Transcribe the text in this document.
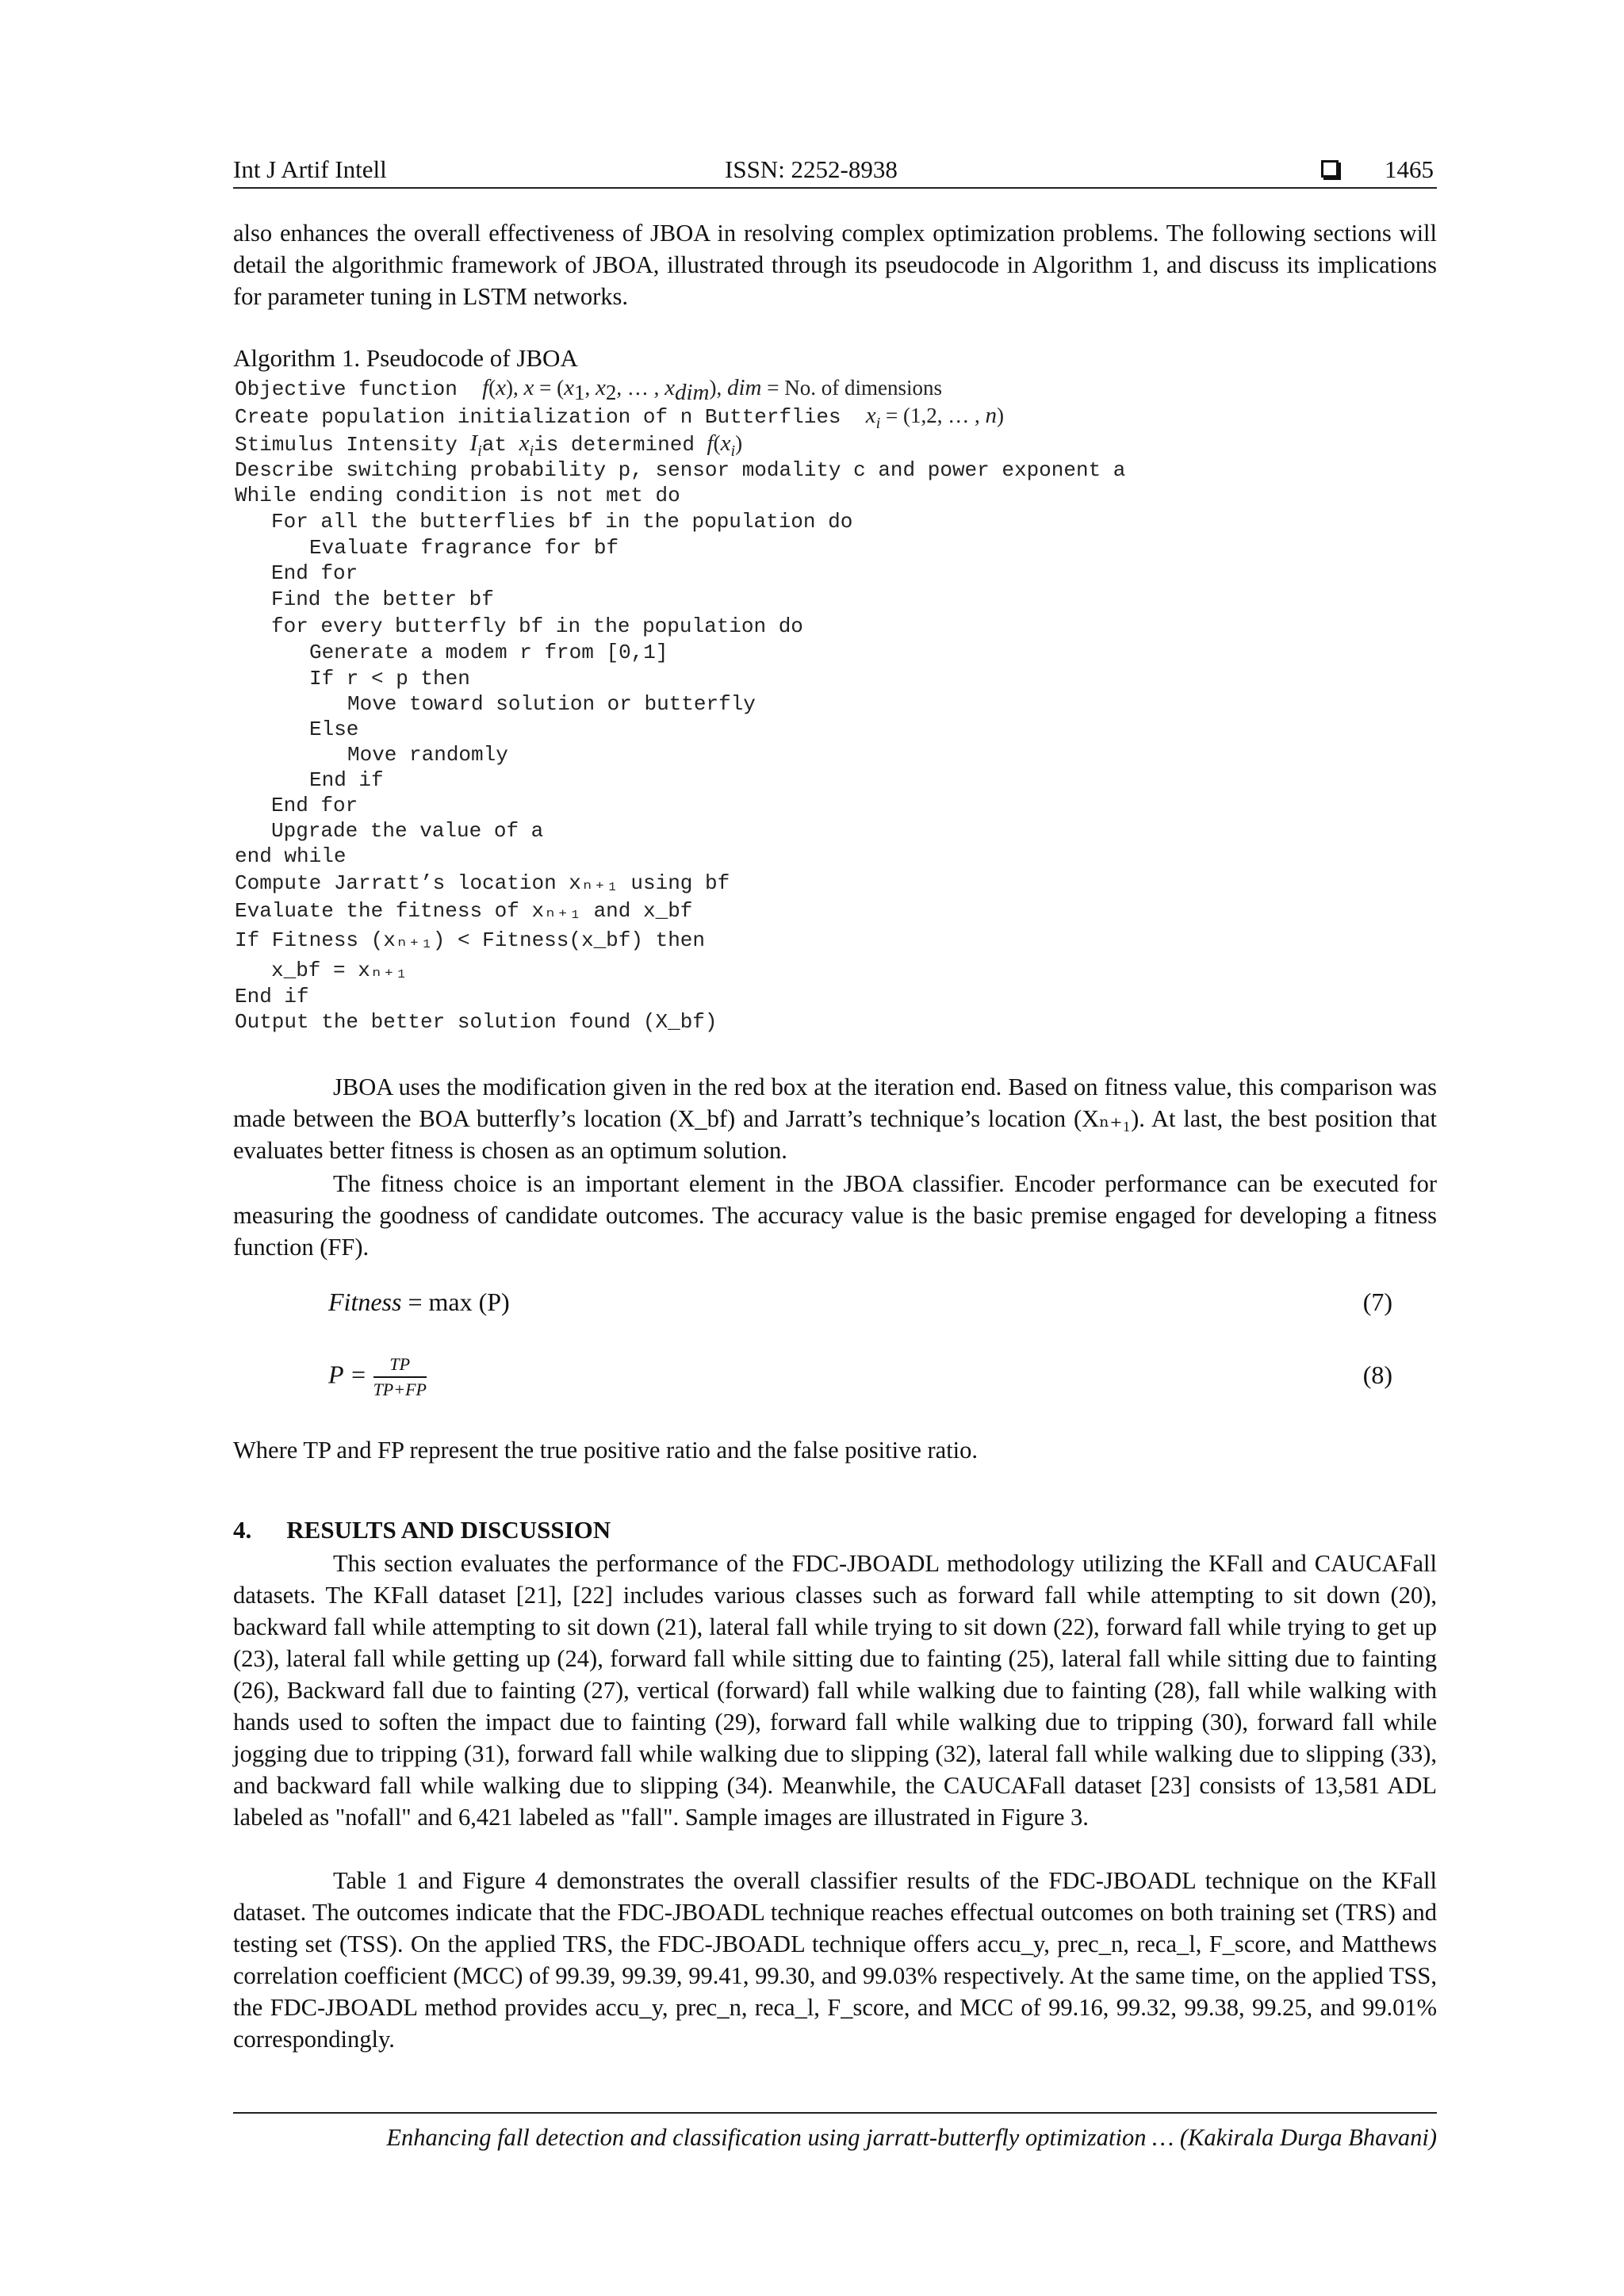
Int J Artif Intell	ISSN: 2252-8938	1465

also enhances the overall effectiveness of JBOA in resolving complex optimization problems. The following sections will detail the algorithmic framework of JBOA, illustrated through its pseudocode in Algorithm 1, and discuss its implications for parameter tuning in LSTM networks.

Algorithm 1. Pseudocode of JBOA
Objective function f(x), $x = (x_1$, $x_2$, … , $x_{dim}$), dim = No. of dimensions
Create population initialization of n Butterflies $x_i = (1,2$, … , n)
Stimulus Intensity $I_iat$ $x_iis$ determined $f(x_i)$
Describe switching probability p, sensor modality c and power exponent a
While ending condition is not met do
For all the butterflies bf in the population do
Evaluate fragrance for bf
End for
Find the better bf
for every butterfly bf in the population do
Generate a modem r from [0,1]
If r < p then
Move toward solution or butterfly
Else
Move randomly
End if
End for
Upgrade the value of a
end while
Compute Jarratt’s location xₙ₊₁ using bf
Evaluate the fitness of xₙ₊₁ and x_bf
If Fitness (xₙ₊₁) < Fitness(x_bf) then
x_bf = xₙ₊₁
End if
Output the better solution found (X_bf)

JBOA uses the modification given in the red box at the iteration end. Based on fitness value, this comparison was made between the BOA butterfly’s location (X_bf) and Jarratt’s technique’s location (Xₙ₊₁). At last, the best position that evaluates better fitness is chosen as an optimum solution.

The fitness choice is an important element in the JBOA classifier. Encoder performance can be executed for measuring the goodness of candidate outcomes. The accuracy value is the basic premise engaged for developing a fitness function (FF).

Fitness = max (P)	(7)
$P = \frac{TP}{TP+FP}$	(8)

Where TP and FP represent the true positive ratio and the false positive ratio.

4. RESULTS AND DISCUSSION

This section evaluates the performance of the FDC-JBOADL methodology utilizing the KFall and CAUCAFall datasets. The KFall dataset [21], [22] includes various classes such as forward fall while attempting to sit down (20), backward fall while attempting to sit down (21), lateral fall while trying to sit down (22), forward fall while trying to get up (23), lateral fall while getting up (24), forward fall while sitting due to fainting (25), lateral fall while sitting due to fainting (26), Backward fall due to fainting (27), vertical (forward) fall while walking due to fainting (28), fall while walking with hands used to soften the impact due to fainting (29), forward fall while walking due to tripping (30), forward fall while jogging due to tripping (31), forward fall while walking due to slipping (32), lateral fall while walking due to slipping (33), and backward fall while walking due to slipping (34). Meanwhile, the CAUCAFall dataset [23] consists of 13,581 ADL labeled as "nofall" and 6,421 labeled as "fall". Sample images are illustrated in Figure 3.

Table 1 and Figure 4 demonstrates the overall classifier results of the FDC-JBOADL technique on the KFall dataset. The outcomes indicate that the FDC-JBOADL technique reaches effectual outcomes on both training set (TRS) and testing set (TSS). On the applied TRS, the FDC-JBOADL technique offers accu_y, prec_n, reca_l, F_score, and Matthews correlation coefficient (MCC) of 99.39, 99.39, 99.41, 99.30, and 99.03% respectively. At the same time, on the applied TSS, the FDC-JBOADL method provides accu_y, prec_n, reca_l, F_score, and MCC of 99.16, 99.32, 99.38, 99.25, and 99.01% correspondingly.

Enhancing fall detection and classification using jarratt-butterfly optimization … (Kakirala Durga Bhavani)
